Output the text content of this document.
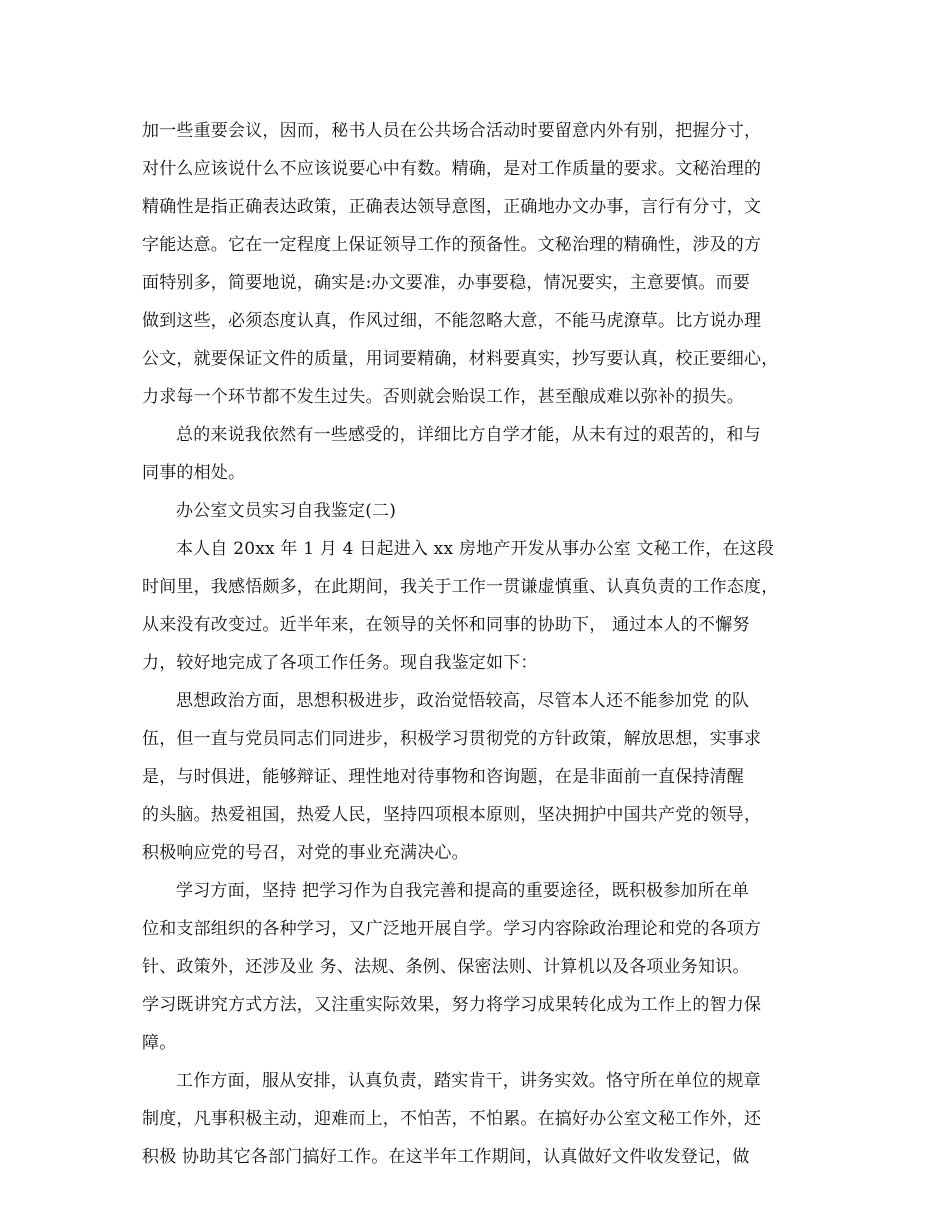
加一些重要会议，因而，秘书人员在公共场合活动时要留意内外有别，把握分寸，
对什么应该说什么不应该说要心中有数。精确，是对工作质量的要求。文秘治理的
精确性是指正确表达政策，正确表达领导意图，正确地办文办事，言行有分寸，文
字能达意。它在一定程度上保证领导工作的预备性。文秘治理的精确性，涉及的方
面特别多，简要地说，确实是:办文要准，办事要稳，情况要实，主意要慎。而要
做到这些，必须态度认真，作风过细，不能忽略大意，不能马虎潦草。比方说办理
公文，就要保证文件的质量，用词要精确，材料要真实，抄写要认真，校正要细心，
力求每一个环节都不发生过失。否则就会贻误工作，甚至酿成难以弥补的损失。
总的来说我依然有一些感受的，详细比方自学才能，从未有过的艰苦的，和与
同事的相处。
办公室文员实习自我鉴定(二)
本人自 20xx 年 1 月 4 日起进入 xx 房地产开发从事办公室 文秘工作，在这段
时间里，我感悟颇多，在此期间，我关于工作一贯谦虚慎重、认真负责的工作态度，
从来没有改变过。近半年来，在领导的关怀和同事的协助下， 通过本人的不懈努
力，较好地完成了各项工作任务。现自我鉴定如下：
思想政治方面，思想积极进步，政治觉悟较高，尽管本人还不能参加党 的队
伍，但一直与党员同志们同进步，积极学习贯彻党的方针政策，解放思想，实事求
是，与时俱进，能够辩证、理性地对待事物和咨询题，在是非面前一直保持清醒
的头脑。热爱祖国，热爱人民，坚持四项根本原则，坚决拥护中国共产党的领导，
积极响应党的号召，对党的事业充满决心。
学习方面，坚持 把学习作为自我完善和提高的重要途径，既积极参加所在单
位和支部组织的各种学习，又广泛地开展自学。学习内容除政治理论和党的各项方
针、政策外，还涉及业 务、法规、条例、保密法则、计算机以及各项业务知识。
学习既讲究方式方法，又注重实际效果，努力将学习成果转化成为工作上的智力保
障。
工作方面，服从安排，认真负责，踏实肯干，讲务实效。恪守所在单位的规章
制度，凡事积极主动，迎难而上，不怕苦，不怕累。在搞好办公室文秘工作外，还
积极 协助其它各部门搞好工作。在这半年工作期间，认真做好文件收发登记，做
